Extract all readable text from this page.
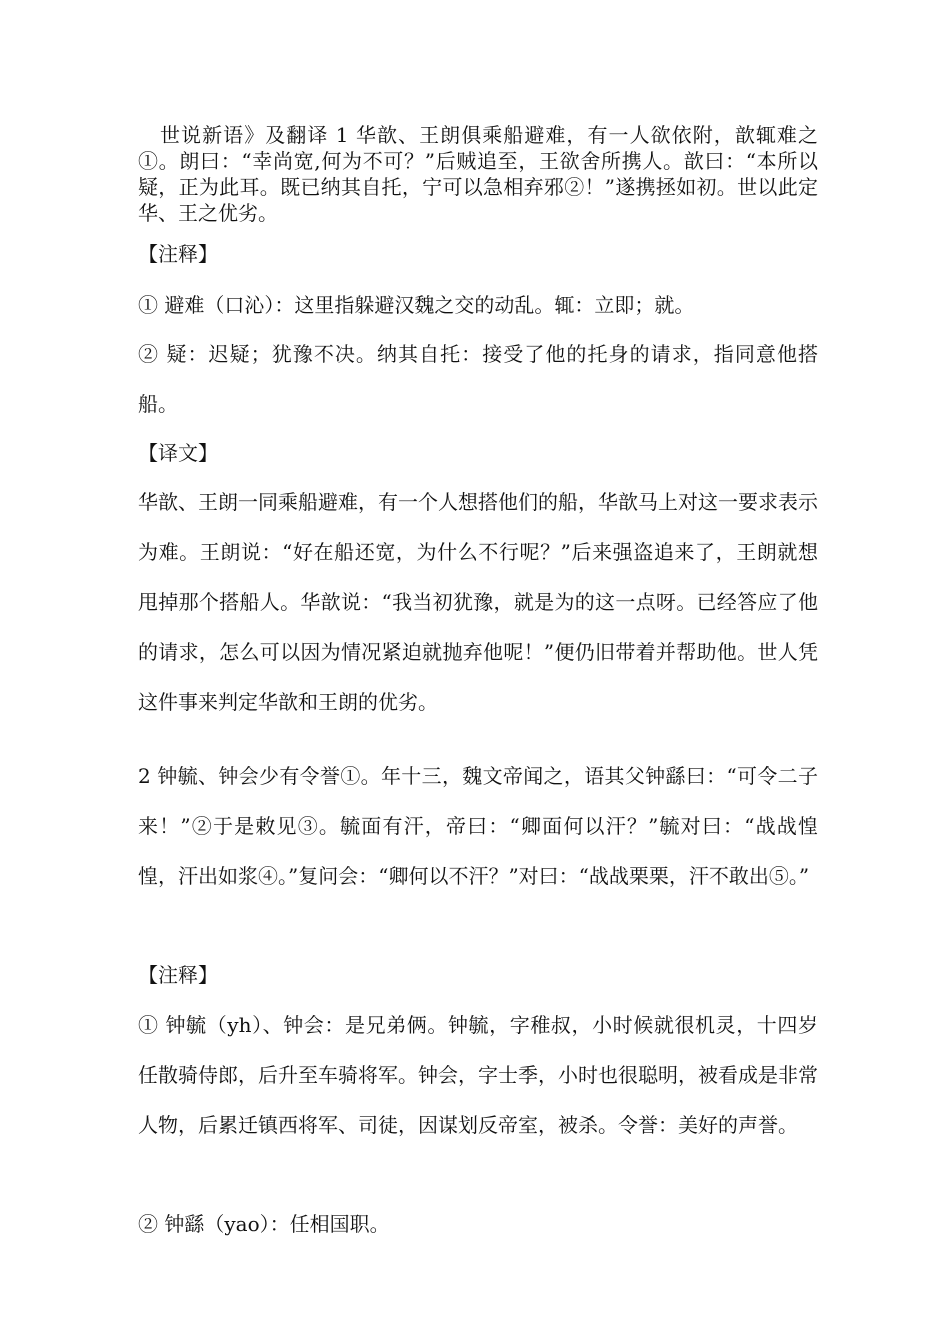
世说新语》及翻译 1 华歆、王朗俱乘船避难，有一人欲依附，歆辄难之①。朗曰：“幸尚宽,何为不可？”后贼追至，王欲舍所携人。歆曰：“本所以疑，正为此耳。既已纳其自托，宁可以急相弃邪②！”遂携拯如初。世以此定华、王之优劣。

【注释】

① 避难（口沁）：这里指躲避汉魏之交的动乱。辄：立即；就。

② 疑：迟疑；犹豫不决。纳其自托：接受了他的托身的请求，指同意他搭船。

【译文】

华歆、王朗一同乘船避难，有一个人想搭他们的船，华歆马上对这一要求表示为难。王朗说：“好在船还宽，为什么不行呢？”后来强盗追来了，王朗就想甩掉那个搭船人。华歆说：“我当初犹豫，就是为的这一点呀。已经答应了他的请求，怎么可以因为情况紧迫就抛弃他呢！”便仍旧带着并帮助他。世人凭这件事来判定华歆和王朗的优劣。

2 钟毓、钟会少有令誉①。年十三，魏文帝闻之，语其父钟繇曰：“可令二子来！”②于是敕见③。毓面有汗，帝曰：“卿面何以汗？”毓对曰：“战战惶惶，汗出如浆④。”复问会：“卿何以不汗？”对曰：“战战栗栗，汗不敢出⑤。”

【注释】

① 钟毓（yh）、钟会：是兄弟俩。钟毓，字稚叔，小时候就很机灵，十四岁任散骑侍郎，后升至车骑将军。钟会，字士季，小时也很聪明，被看成是非常人物，后累迁镇西将军、司徒，因谋划反帝室，被杀。令誉：美好的声誉。

② 钟繇（yao）：任相国职。
